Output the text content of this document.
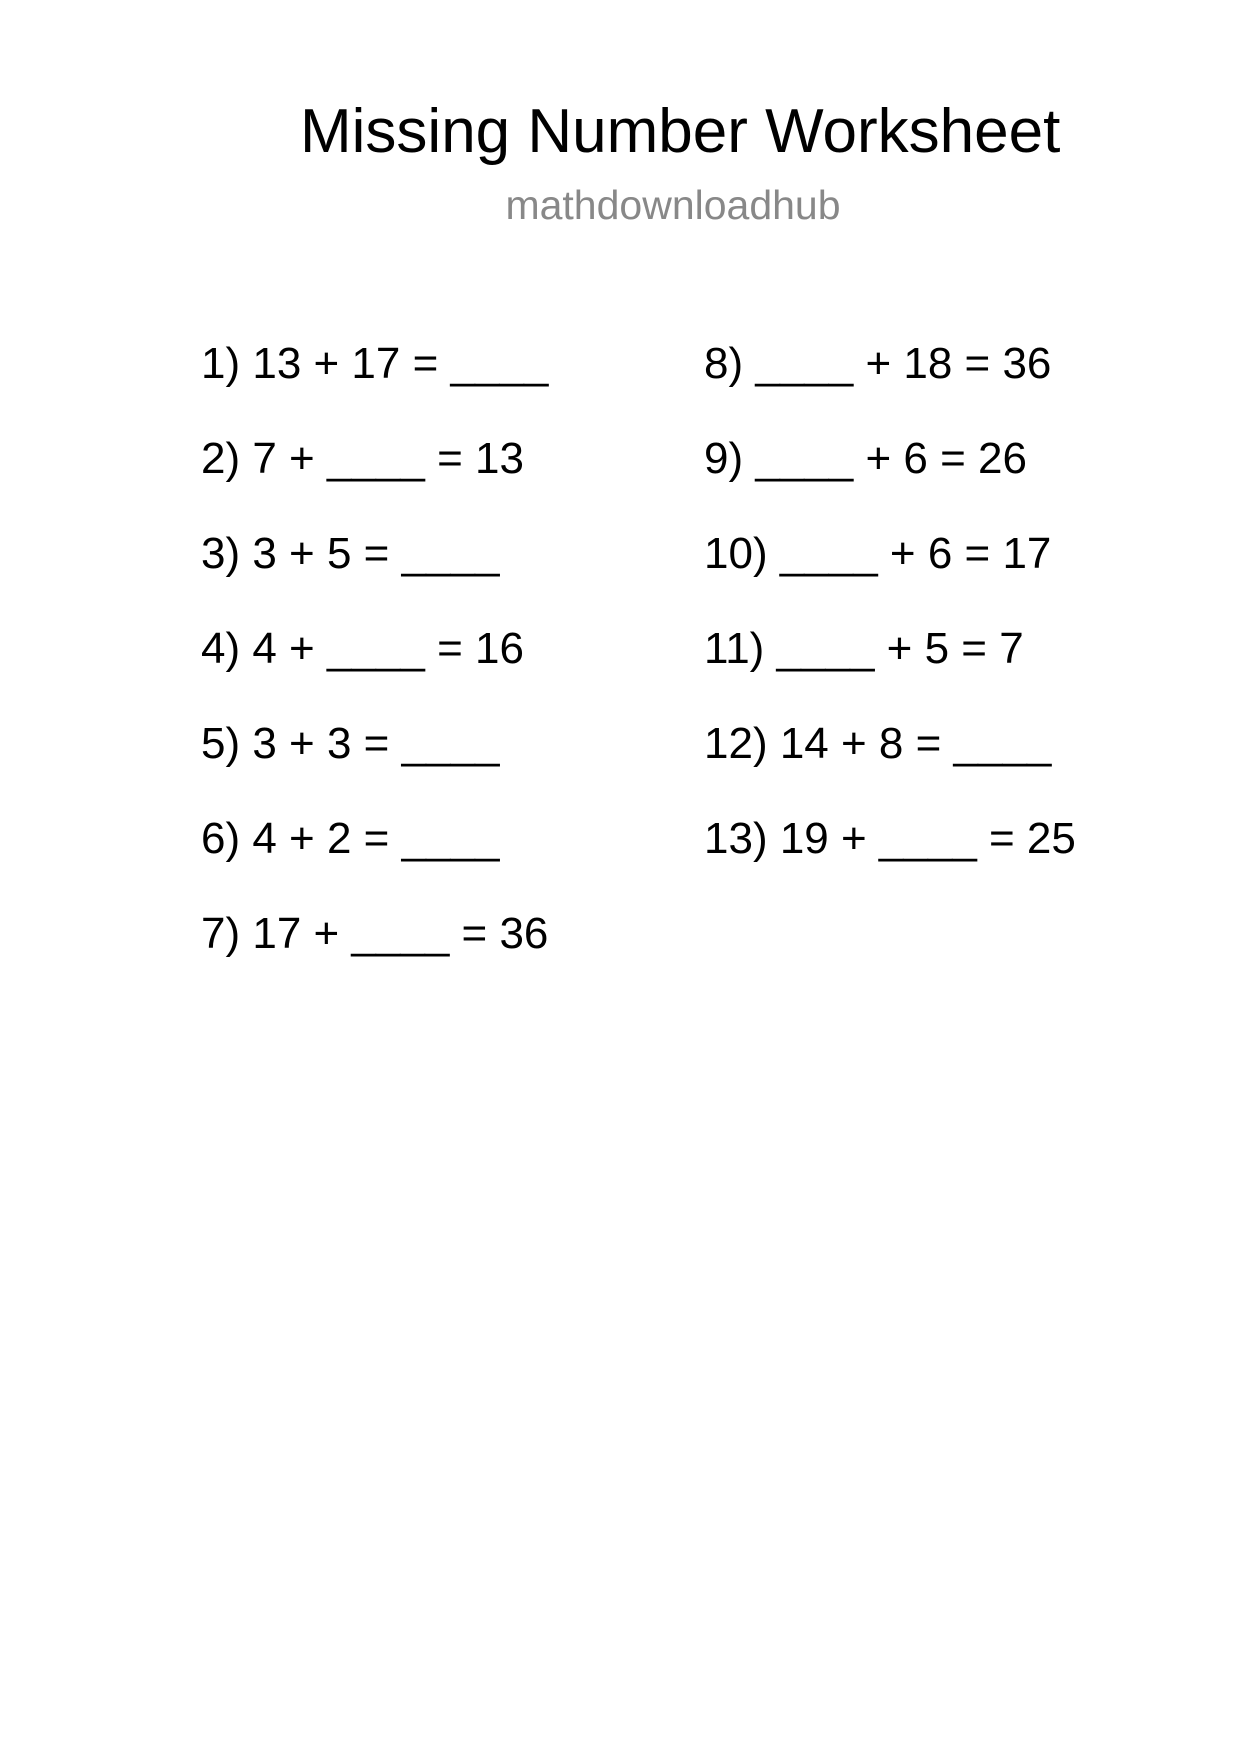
Missing Number Worksheet
mathdownloadhub
1) 13 + 17 = ____
2) 7 + ____ = 13
3) 3 + 5 = ____
4) 4 + ____ = 16
5) 3 + 3 = ____
6) 4 + 2 = ____
7) 17 + ____ = 36
8) ____ + 18 = 36
9) ____ + 6 = 26
10) ____ + 6 = 17
11) ____ + 5 = 7
12) 14 + 8 = ____
13) 19 + ____ = 25
